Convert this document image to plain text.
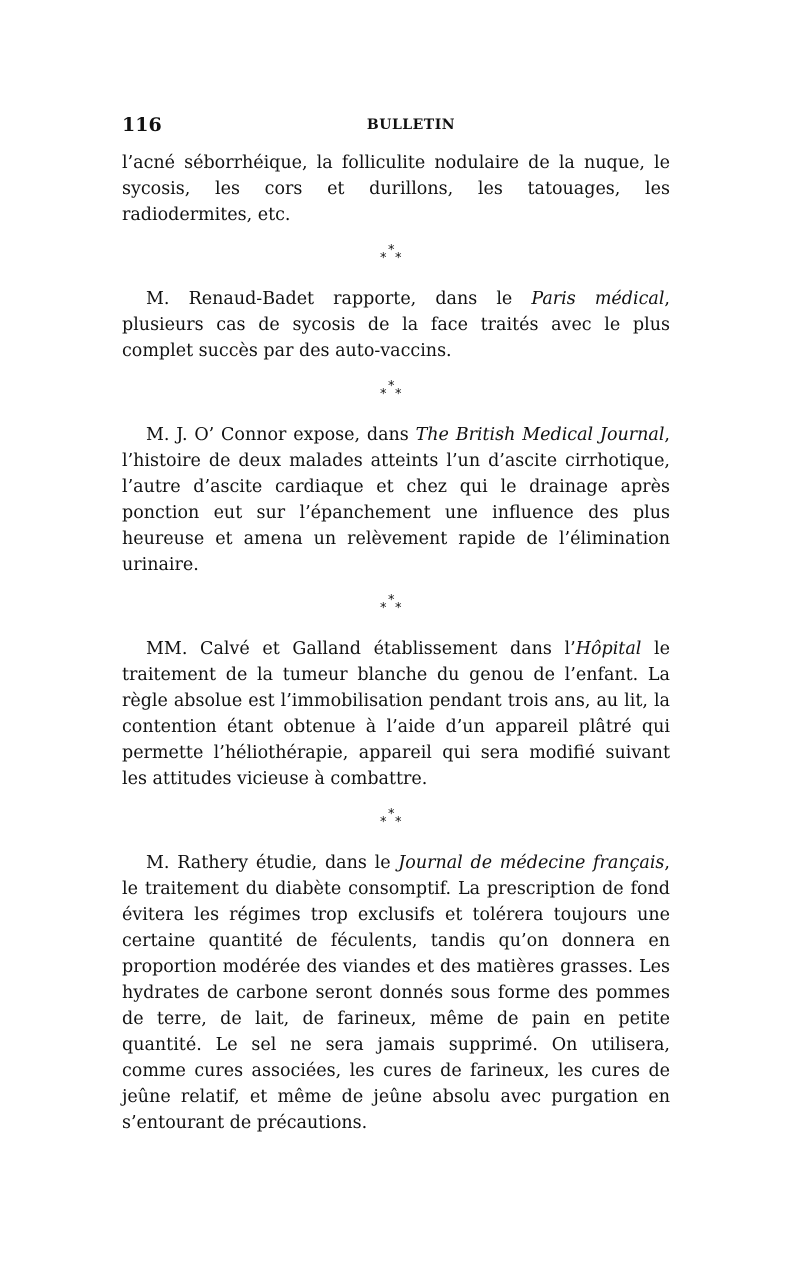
116	BULLETIN

l’acné séborrhéique, la folliculite nodulaire de la nuque, le sycosis, les cors et durillons, les tatouages, les radiodermites, etc.

*
* *

M. Renaud-Badet rapporte, dans le Paris médical, plusieurs cas de sycosis de la face traités avec le plus complet succès par des auto-vaccins.

*
* *

M. J. O’ Connor expose, dans The British Medical Journal, l’histoire de deux malades atteints l’un d’ascite cirrhotique, l’autre d’ascite cardiaque et chez qui le drainage après ponction eut sur l’épanchement une influence des plus heureuse et amena un relèvement rapide de l’élimination urinaire.

*
* *

MM. Calvé et Galland établissement dans l’Hôpital le traitement de la tumeur blanche du genou de l’enfant. La règle absolue est l’immobilisation pendant trois ans, au lit, la contention étant obtenue à l’aide d’un appareil plâtré qui permette l’héliothérapie, appareil qui sera modifié suivant les attitudes vicieuse à combattre.

*
* *

M. Rathery étudie, dans le Journal de médecine français, le traitement du diabète consomptif. La prescription de fond évitera les régimes trop exclusifs et tolérera toujours une certaine quantité de féculents, tandis qu’on donnera en proportion modérée des viandes et des matières grasses. Les hydrates de carbone seront donnés sous forme des pommes de terre, de lait, de farineux, même de pain en petite quantité. Le sel ne sera jamais supprimé. On utilisera, comme cures associées, les cures de farineux, les cures de jeûne relatif, et même de jeûne absolu avec purgation en s’entourant de précautions.
